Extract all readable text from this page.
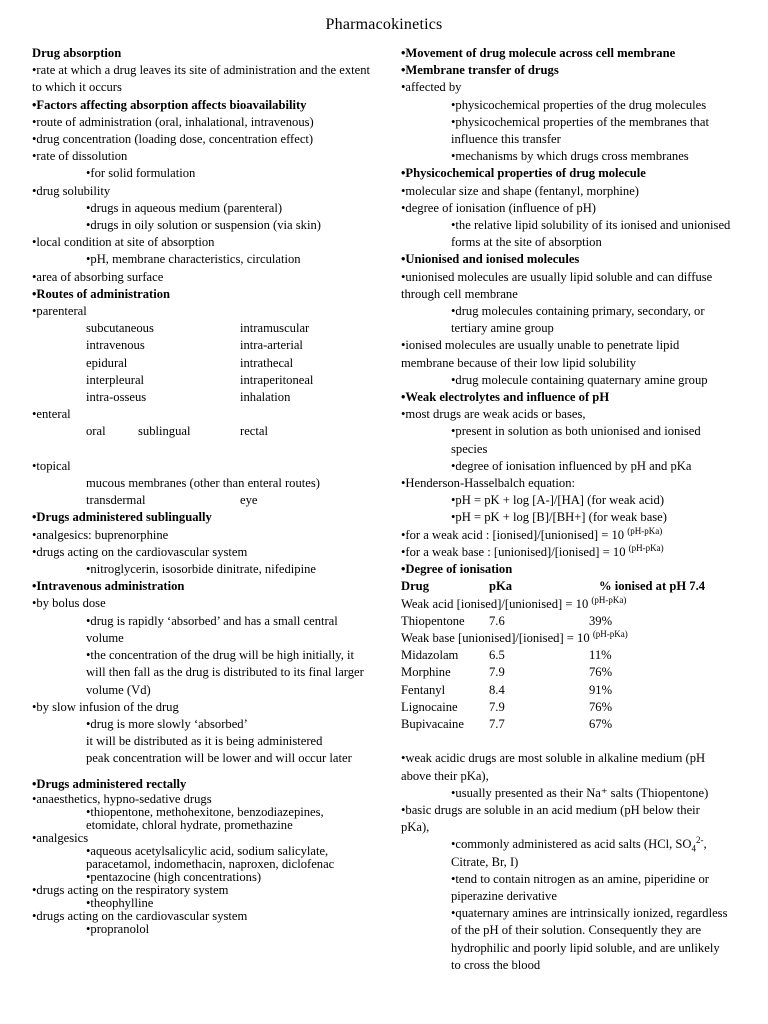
Pharmacokinetics
Drug absorption
•rate at which a drug leaves its site of administration and the extent to which it occurs
•Factors affecting absorption affects bioavailability
•route of administration (oral, inhalational, intravenous)
•drug concentration (loading dose, concentration effect)
•rate of dissolution
•for solid formulation
•drug solubility
•drugs in aqueous medium (parenteral)
•drugs in oily solution or suspension (via skin)
•local condition at site of absorption
•pH, membrane characteristics, circulation
•area of absorbing surface
•Routes of administration
•parenteral
subcutaneous	intramuscular
intravenous	intra-arterial
epidural	intrathecal
interpleural	intraperitoneal
intra-osseus	inhalation
•enteral
oral	sublingual	rectal
•topical
mucous membranes (other than enteral routes)
transdermal	eye
•Drugs administered sublingually
•analgesics: buprenorphine
•drugs acting on the cardiovascular system
•nitroglycerin, isosorbide dinitrate, nifedipine
•Intravenous administration
•by bolus dose
•drug is rapidly ‘absorbed’ and has a small central volume
•the concentration of the drug will be high initially, it will then fall as the drug is distributed to its final larger volume (Vd)
•by slow infusion of the drug
•drug is more slowly ‘absorbed’
it will be distributed as it is being administered
peak concentration will be lower and will occur later
•Drugs administered rectally
•anaesthetics, hypno-sedative drugs
•thiopentone, methohexitone, benzodiazepines, etomidate, chloral hydrate, promethazine
•analgesics
•aqueous acetylsalicylic acid, sodium salicylate, paracetamol, indomethacin, naproxen, diclofenac
•pentazocine (high concentrations)
•drugs acting on the respiratory system
•theophylline
•drugs acting on the cardiovascular system
•propranolol
•Movement of drug molecule across cell membrane
•Membrane transfer of drugs
•affected by
•physicochemical properties of the drug molecules
•physicochemical properties of the membranes that influence this transfer
•mechanisms by which drugs cross membranes
•Physicochemical properties of drug molecule
•molecular size and shape (fentanyl, morphine)
•degree of ionisation (influence of pH)
•the relative lipid solubility of its ionised and unionised forms at the site of absorption
•Unionised and ionised molecules
•unionised molecules are usually lipid soluble and can diffuse through cell membrane
•drug molecules containing primary, secondary, or tertiary amine group
•ionised molecules are usually unable to penetrate lipid membrane because of their low lipid solubility
•drug molecule containing quaternary amine group
•Weak electrolytes and influence of pH
•most drugs are weak acids or bases,
•present in solution as both unionised and ionised species
•degree of ionisation influenced by pH and pKa
•Henderson-Hasselbalch equation:
•pH = pK + log [A-]/[HA] (for weak acid)
•pH = pK + log [B]/[BH+] (for weak base)
•for a weak acid : [ionised]/[unionised] = 10 $^{(pH-pKa)}$
•for a weak base : [unionised]/[ionised] = 10 $^{(pH-pKa)}$
•Degree of ionisation
Drug	pKa	% ionised at pH 7.4
Weak acid [ionised]/[unionised] = 10 $^{(pH-pKa)}$
Thiopentone	7.6	39%
Weak base [unionised]/[ionised] = 10 $^{(pH-pKa)}$
Midazolam	6.5	11%
Morphine	7.9	76%
Fentanyl	8.4	91%
Lignocaine	7.9	76%
Bupivacaine	7.7	67%
•weak acidic drugs are most soluble in alkaline medium (pH above their pKa),
•usually presented as their Na⁺ salts (Thiopentone)
•basic drugs are soluble in an acid medium (pH below their pKa),
•commonly administered as acid salts (HCl, $SO_4^{2-}$, Citrate, Br, I)
•tend to contain nitrogen as an amine, piperidine or piperazine derivative
•quaternary amines are intrinsically ionized, regardless of the pH of their solution. Consequently they are hydrophilic and poorly lipid soluble, and are unlikely to cross the blood
